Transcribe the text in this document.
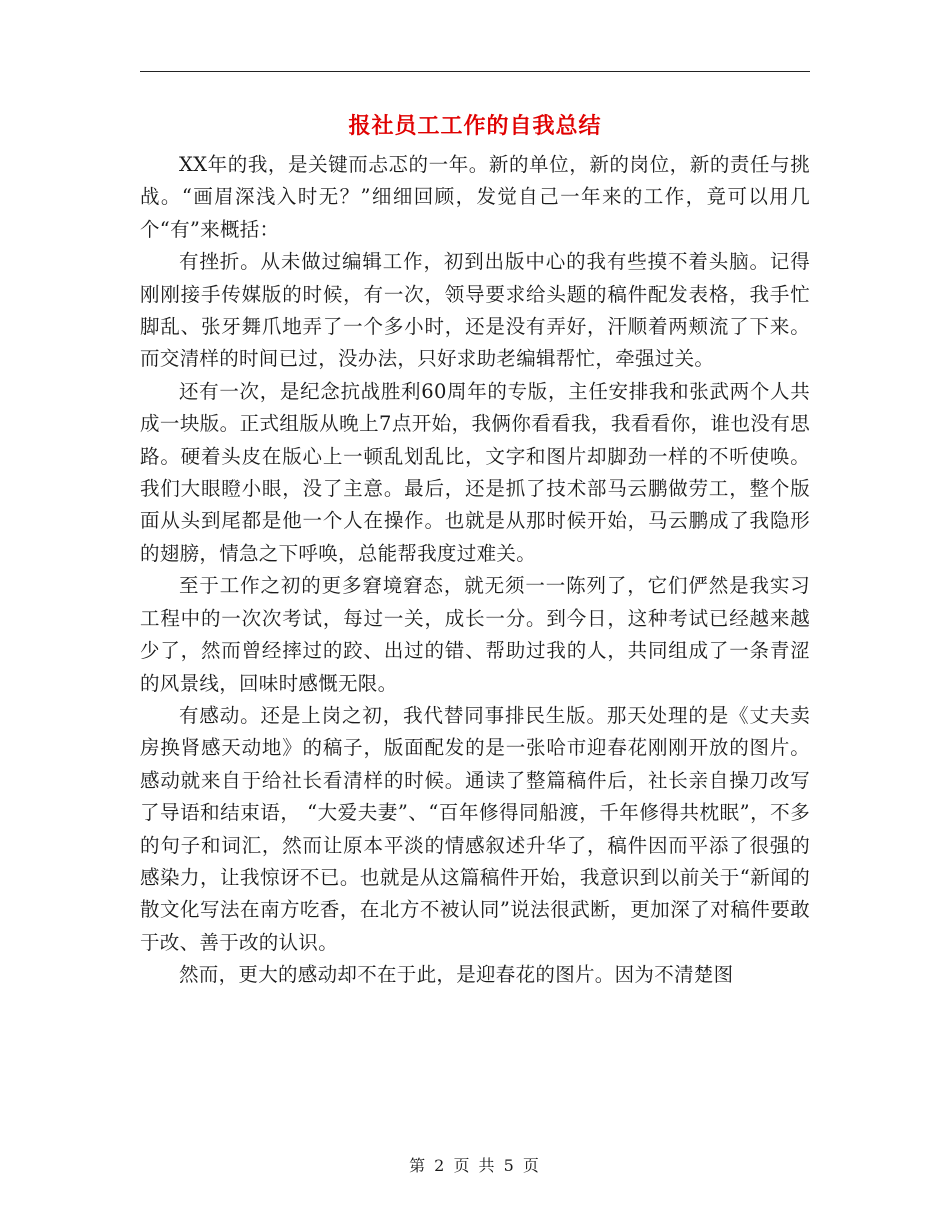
报社员工工作的自我总结

XX年的我，是关键而忐忑的一年。新的单位，新的岗位，新的责任与挑战。“画眉深浅入时无？”细细回顾，发觉自己一年来的工作，竟可以用几个“有”来概括：

有挫折。从未做过编辑工作，初到出版中心的我有些摸不着头脑。记得刚刚接手传媒版的时候，有一次，领导要求给头题的稿件配发表格，我手忙脚乱、张牙舞爪地弄了一个多小时，还是没有弄好，汗顺着两颊流了下来。而交清样的时间已过，没办法，只好求助老编辑帮忙，牵强过关。

还有一次，是纪念抗战胜利60周年的专版，主任安排我和张武两个人共成一块版。正式组版从晚上7点开始，我俩你看看我，我看看你，谁也没有思路。硬着头皮在版心上一顿乱划乱比，文字和图片却脚劲一样的不听使唤。我们大眼瞪小眼，没了主意。最后，还是抓了技术部马云鹏做劳工，整个版面从头到尾都是他一个人在操作。也就是从那时候开始，马云鹏成了我隐形的翅膀，情急之下呼唤，总能帮我度过难关。

至于工作之初的更多窘境窘态，就无须一一陈列了，它们俨然是我实习工程中的一次次考试，每过一关，成长一分。到今日，这种考试已经越来越少了，然而曾经摔过的跤、出过的错、帮助过我的人，共同组成了一条青涩的风景线，回味时感慨无限。

有感动。还是上岗之初，我代替同事排民生版。那天处理的是《丈夫卖房换肾感天动地》的稿子，版面配发的是一张哈市迎春花刚刚开放的图片。感动就来自于给社长看清样的时候。通读了整篇稿件后，社长亲自操刀改写了导语和结束语， “大爱夫妻”、“百年修得同船渡，千年修得共枕眠”，不多的句子和词汇，然而让原本平淡的情感叙述升华了，稿件因而平添了很强的感染力，让我惊讶不已。也就是从这篇稿件开始，我意识到以前关于“新闻的散文化写法在南方吃香，在北方不被认同”说法很武断，更加深了对稿件要敢于改、善于改的认识。

然而，更大的感动却不在于此，是迎春花的图片。因为不清楚图

第 2 页 共 5 页
